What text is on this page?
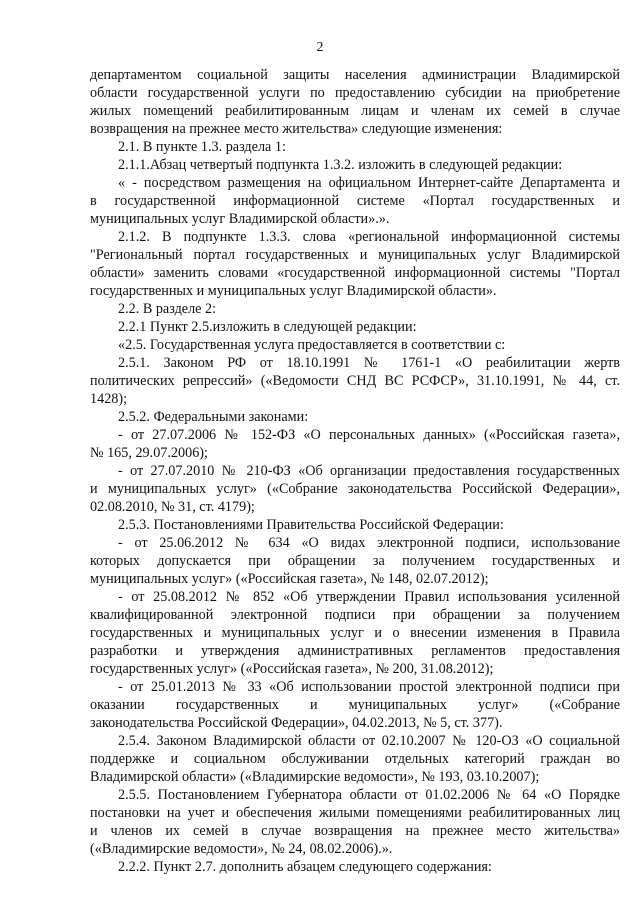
2
департаментом социальной защиты населения администрации Владимирской
области государственной услуги по предоставлению субсидии на приобретение
жилых помещений реабилитированным лицам и членам их семей в случае
возвращения на прежнее место жительства» следующие изменения:
2.1. В пункте 1.3. раздела 1:
2.1.1.Абзац четвертый подпункта 1.3.2. изложить в следующей редакции:
« - посредством размещения на официальном Интернет-сайте Департамента и
в государственной информационной системе «Портал государственных и
муниципальных услуг Владимирской области».».
2.1.2. В подпункте 1.3.3. слова «региональной информационной системы
"Региональный портал государственных и муниципальных услуг Владимирской
области» заменить словами «государственной информационной системы "Портал
государственных и муниципальных услуг Владимирской области».
2.2. В разделе 2:
2.2.1 Пункт 2.5.изложить в следующей редакции:
«2.5. Государственная услуга предоставляется в соответствии с:
2.5.1. Законом РФ от 18.10.1991 № 1761-1 «О реабилитации жертв
политических репрессий» («Ведомости СНД ВС РСФСР», 31.10.1991, № 44, ст.
1428);
2.5.2. Федеральными законами:
- от 27.07.2006 № 152-ФЗ «О персональных данных» («Российская газета»,
№ 165, 29.07.2006);
- от 27.07.2010 № 210-ФЗ «Об организации предоставления государственных
и муниципальных услуг» («Собрание законодательства Российской Федерации»,
02.08.2010, № 31, ст. 4179);
2.5.3. Постановлениями Правительства Российской Федерации:
- от 25.06.2012 № 634 «О видах электронной подписи, использование
которых допускается при обращении за получением государственных и
муниципальных услуг» («Российская газета», № 148, 02.07.2012);
- от 25.08.2012 № 852 «Об утверждении Правил использования усиленной
квалифицированной электронной подписи при обращении за получением
государственных и муниципальных услуг и о внесении изменения в Правила
разработки и утверждения административных регламентов предоставления
государственных услуг» («Российская газета», № 200, 31.08.2012);
- от 25.01.2013 № 33 «Об использовании простой электронной подписи при
оказании государственных и муниципальных услуг» («Собрание
законодательства Российской Федерации», 04.02.2013, № 5, ст. 377).
2.5.4. Законом Владимирской области от 02.10.2007 № 120-ОЗ «О социальной
поддержке и социальном обслуживании отдельных категорий граждан во
Владимирской области» («Владимирские ведомости», № 193, 03.10.2007);
2.5.5. Постановлением Губернатора области от 01.02.2006 № 64 «О Порядке
постановки на учет и обеспечения жилыми помещениями реабилитированных лиц
и членов их семей в случае возвращения на прежнее место жительства»
(«Владимирские ведомости», № 24, 08.02.2006).».
2.2.2. Пункт 2.7. дополнить абзацем следующего содержания:
